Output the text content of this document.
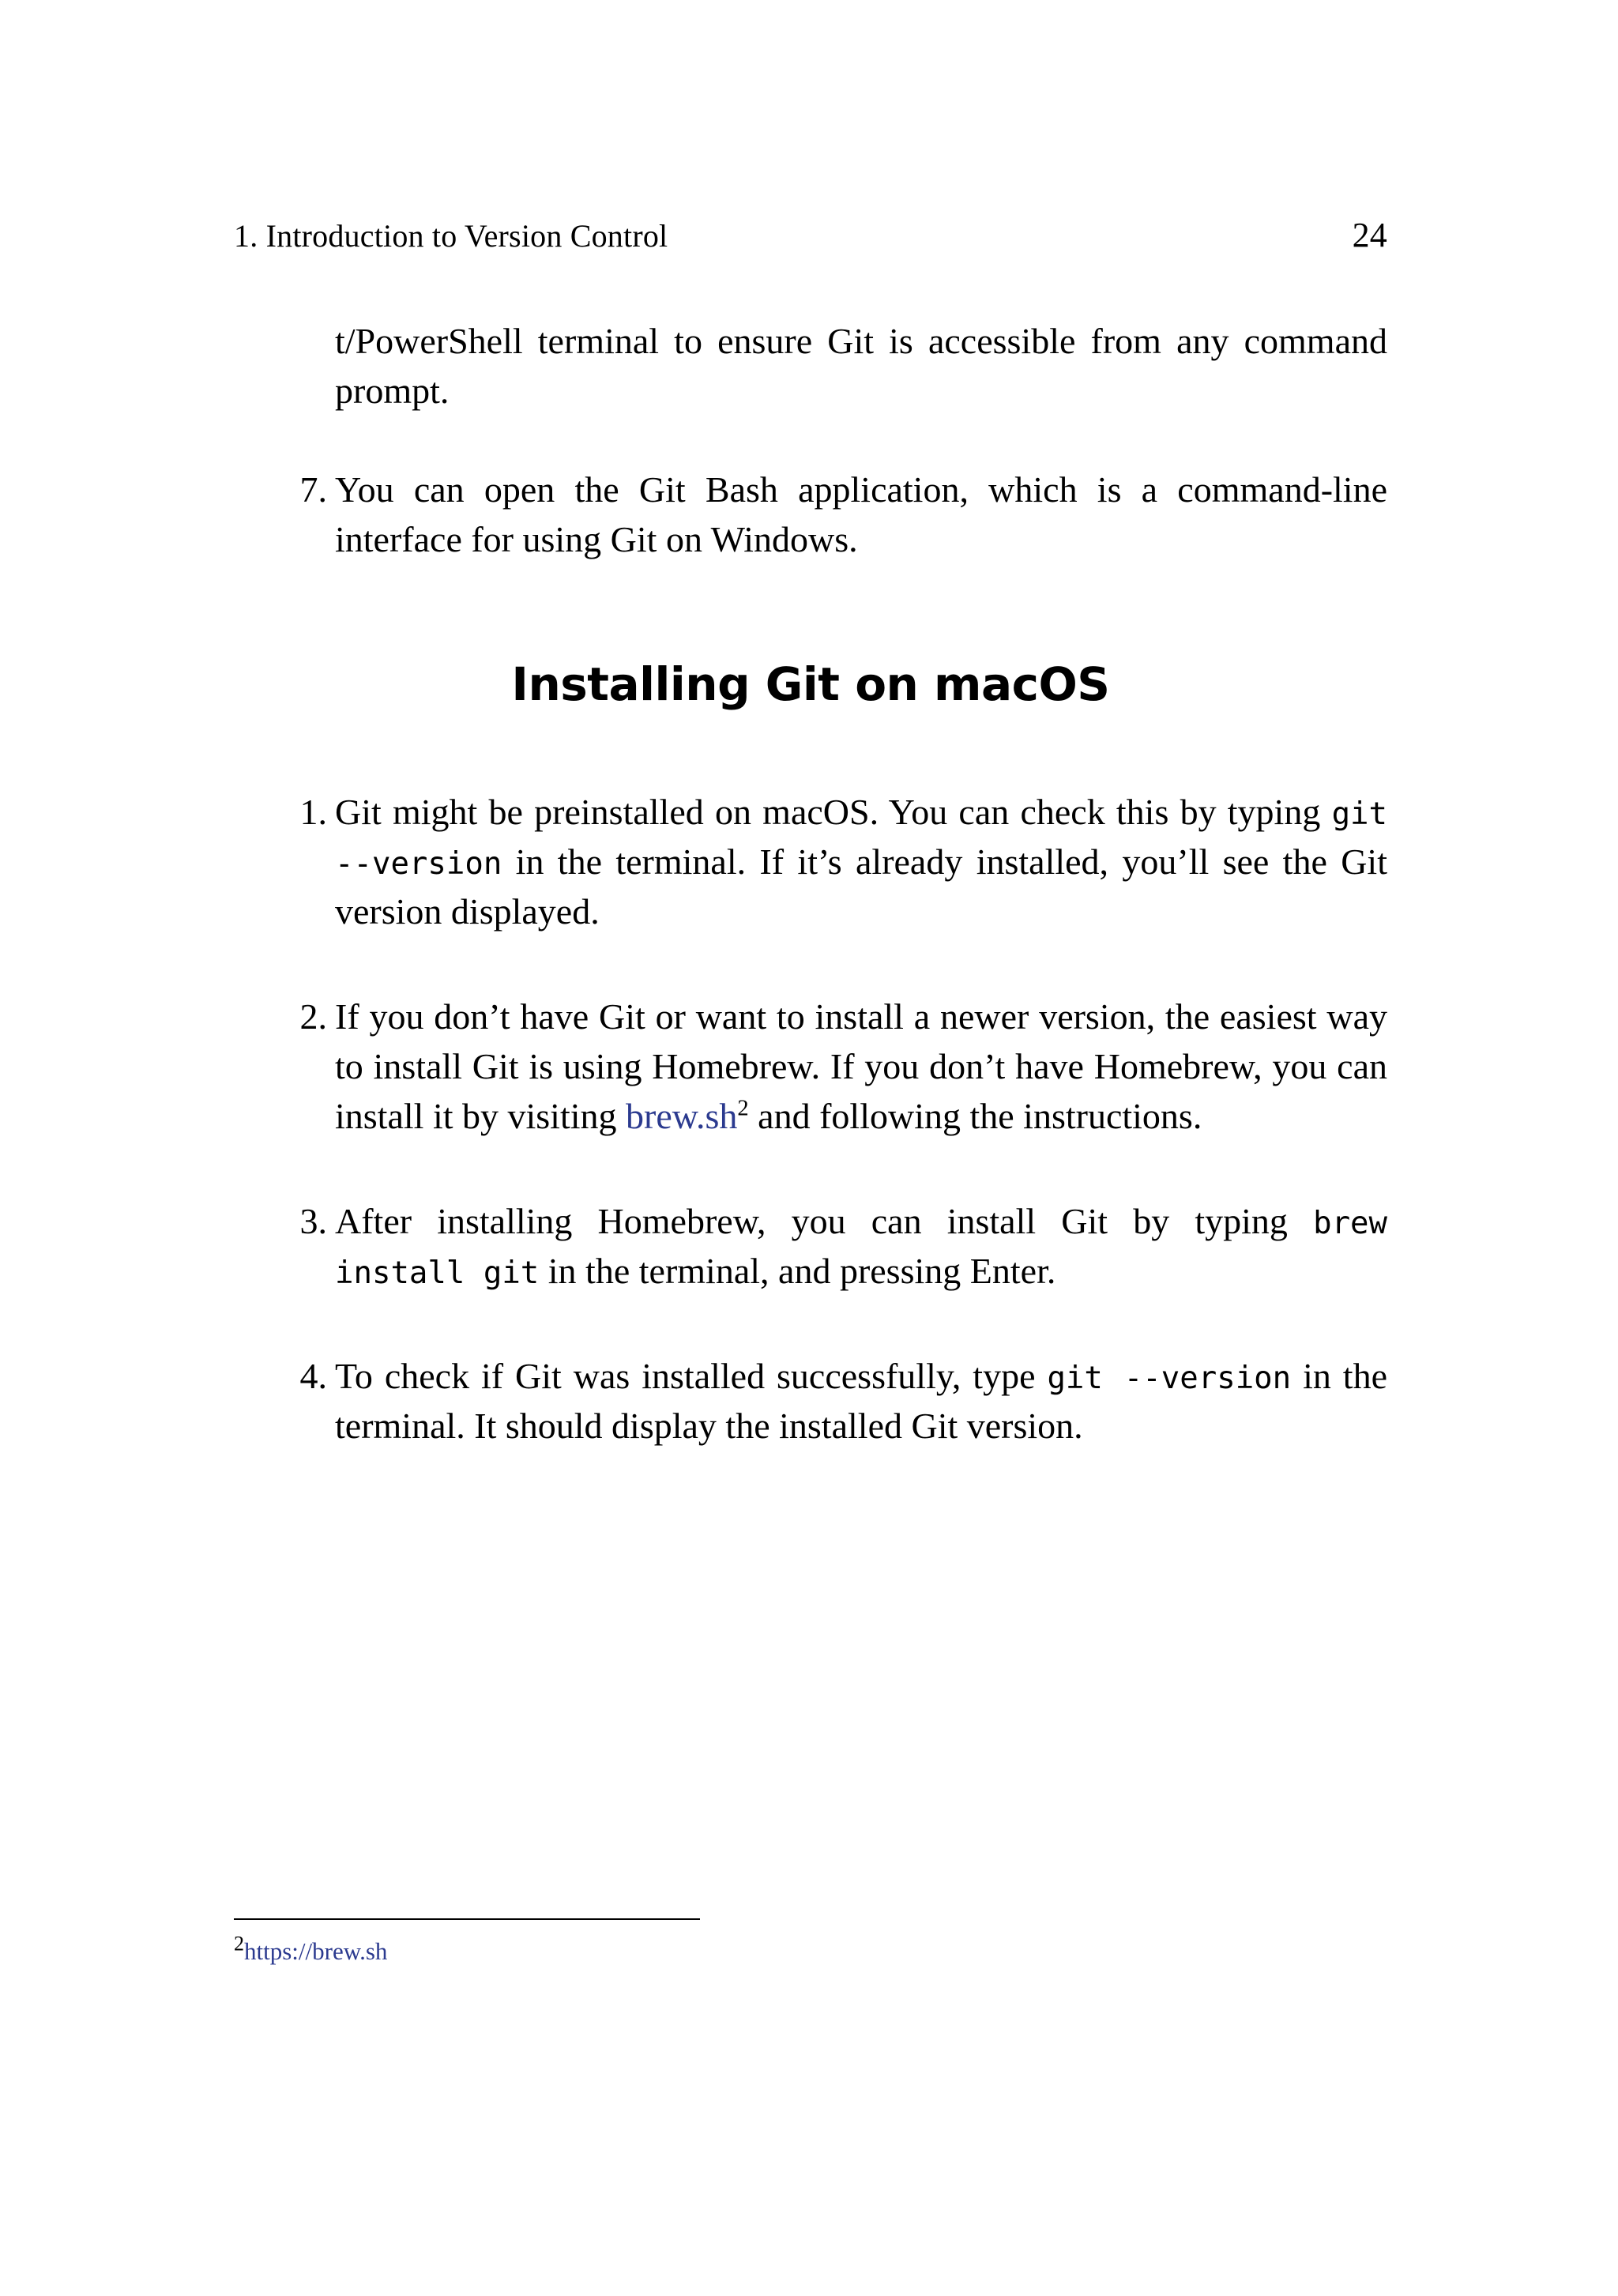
1. Introduction to Version Control	24

t/PowerShell terminal to ensure Git is accessible from any command prompt.

7. You can open the Git Bash application, which is a command-line interface for using Git on Windows.
Installing Git on macOS
1. Git might be preinstalled on macOS. You can check this by typing git --version in the terminal. If it’s already installed, you’ll see the Git version displayed.
2. If you don’t have Git or want to install a newer version, the easiest way to install Git is using Homebrew. If you don’t have Homebrew, you can install it by visiting $brew.sh^2$ and following the instructions.
3. After installing Homebrew, you can install Git by typing brew install git in the terminal, and pressing Enter.
4. To check if Git was installed successfully, type git --version in the terminal. It should display the installed Git version.
$^2$https://brew.sh
